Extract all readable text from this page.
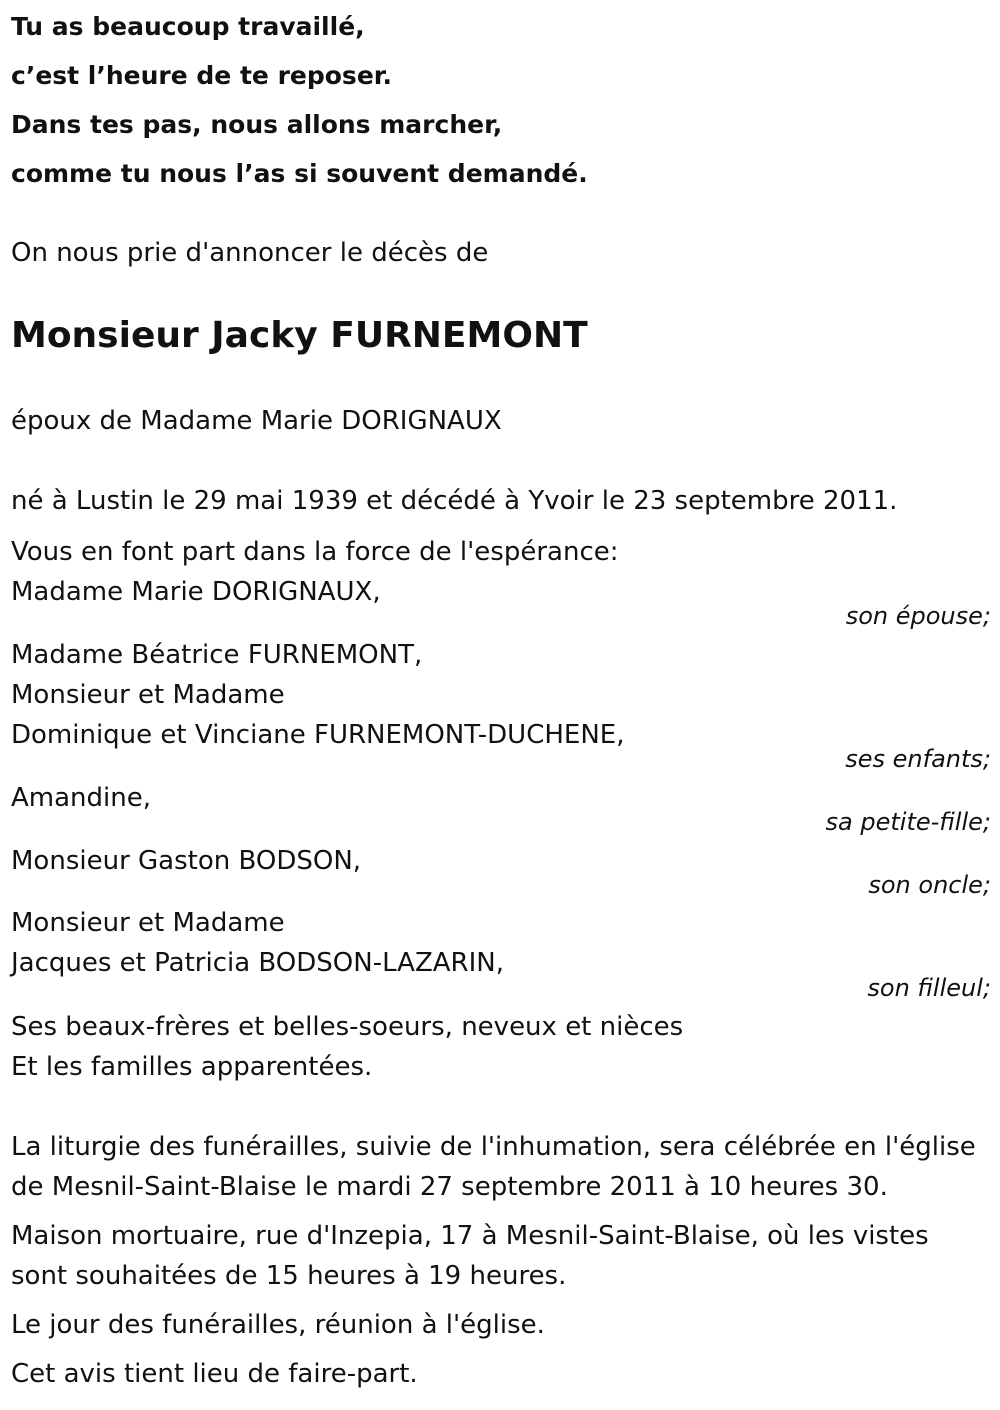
Tu as beaucoup travaillé,

c’est l’heure de te reposer.

Dans tes pas, nous allons marcher,

comme tu nous l’as si souvent demandé.

On nous prie d'annoncer le décès de

Monsieur Jacky FURNEMONT

époux de Madame Marie DORIGNAUX

né à Lustin le 29 mai 1939 et décédé à Yvoir le 23 septembre 2011.

Vous en font part dans la force de l'espérance:

Madame Marie DORIGNAUX,

son épouse;

Madame Béatrice FURNEMONT,

Monsieur et Madame

Dominique et Vinciane FURNEMONT-DUCHENE,

ses enfants;

Amandine,

sa petite-fille;

Monsieur Gaston BODSON,

son oncle;

Monsieur et Madame

Jacques et Patricia BODSON-LAZARIN,

son filleul;

Ses beaux-frères et belles-soeurs, neveux et nièces

Et les familles apparentées.

La liturgie des funérailles, suivie de l'inhumation, sera célébrée en l'église

de Mesnil-Saint-Blaise le mardi 27 septembre 2011 à 10 heures 30.

Maison mortuaire, rue d'Inzepia, 17 à Mesnil-Saint-Blaise, où les vistes

sont souhaitées de 15 heures à 19 heures.

Le jour des funérailles, réunion à l'église.

Cet avis tient lieu de faire-part.
